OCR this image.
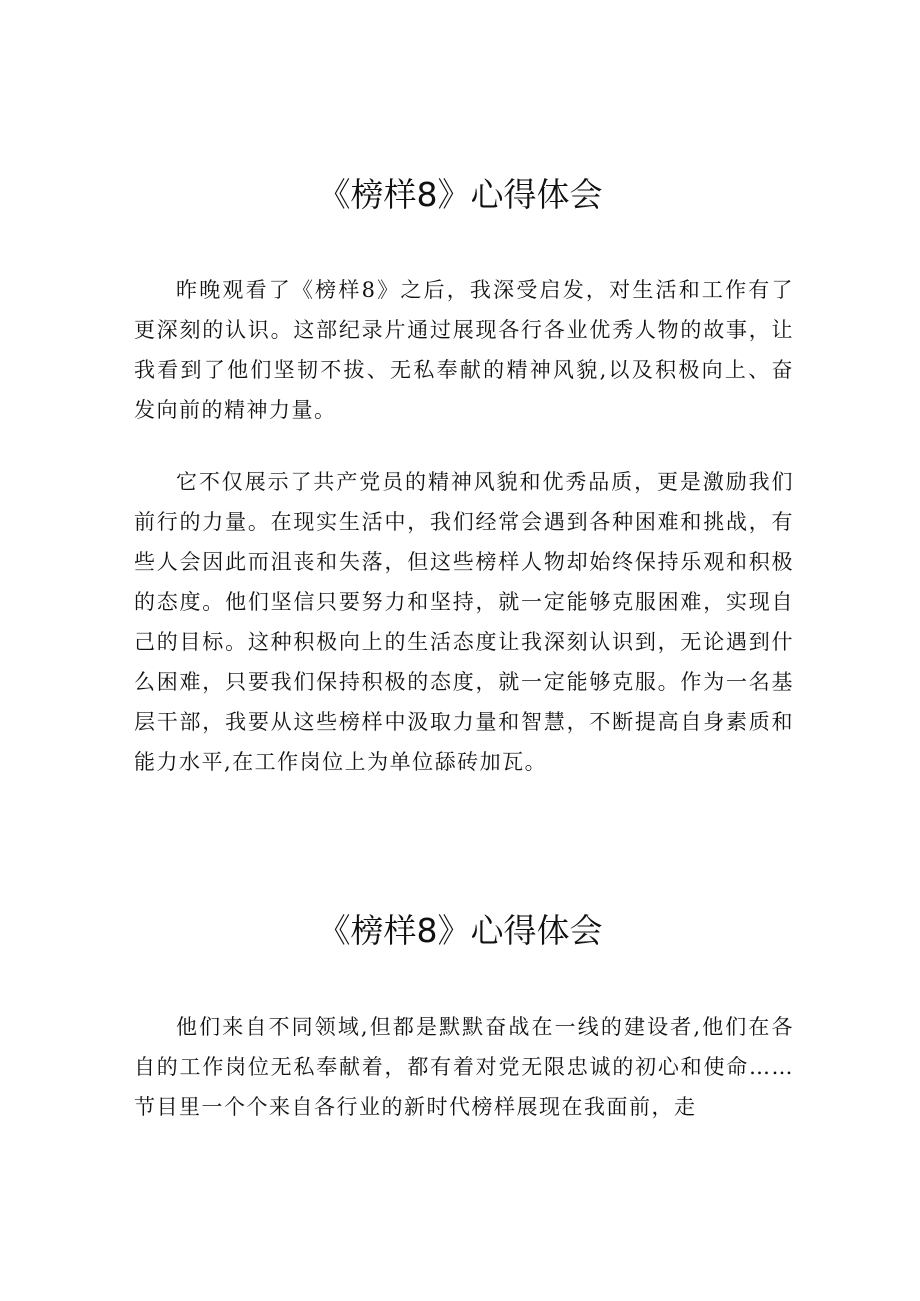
《榜样8》心得体会

昨晚观看了《榜样8》之后，我深受启发，对生活和工作有了更深刻的认识。这部纪录片通过展现各行各业优秀人物的故事，让我看到了他们坚韧不拔、无私奉献的精神风貌,以及积极向上、奋发向前的精神力量。

它不仅展示了共产党员的精神风貌和优秀品质，更是激励我们前行的力量。在现实生活中，我们经常会遇到各种困难和挑战，有些人会因此而沮丧和失落，但这些榜样人物却始终保持乐观和积极的态度。他们坚信只要努力和坚持，就一定能够克服困难，实现自己的目标。这种积极向上的生活态度让我深刻认识到，无论遇到什么困难，只要我们保持积极的态度，就一定能够克服。作为一名基层干部，我要从这些榜样中汲取力量和智慧，不断提高自身素质和能力水平,在工作岗位上为单位舔砖加瓦。

《榜样8》心得体会

他们来自不同领域,但都是默默奋战在一线的建设者,他们在各自的工作岗位无私奉献着，都有着对党无限忠诚的初心和使命……节目里一个个来自各行业的新时代榜样展现在我面前，走
